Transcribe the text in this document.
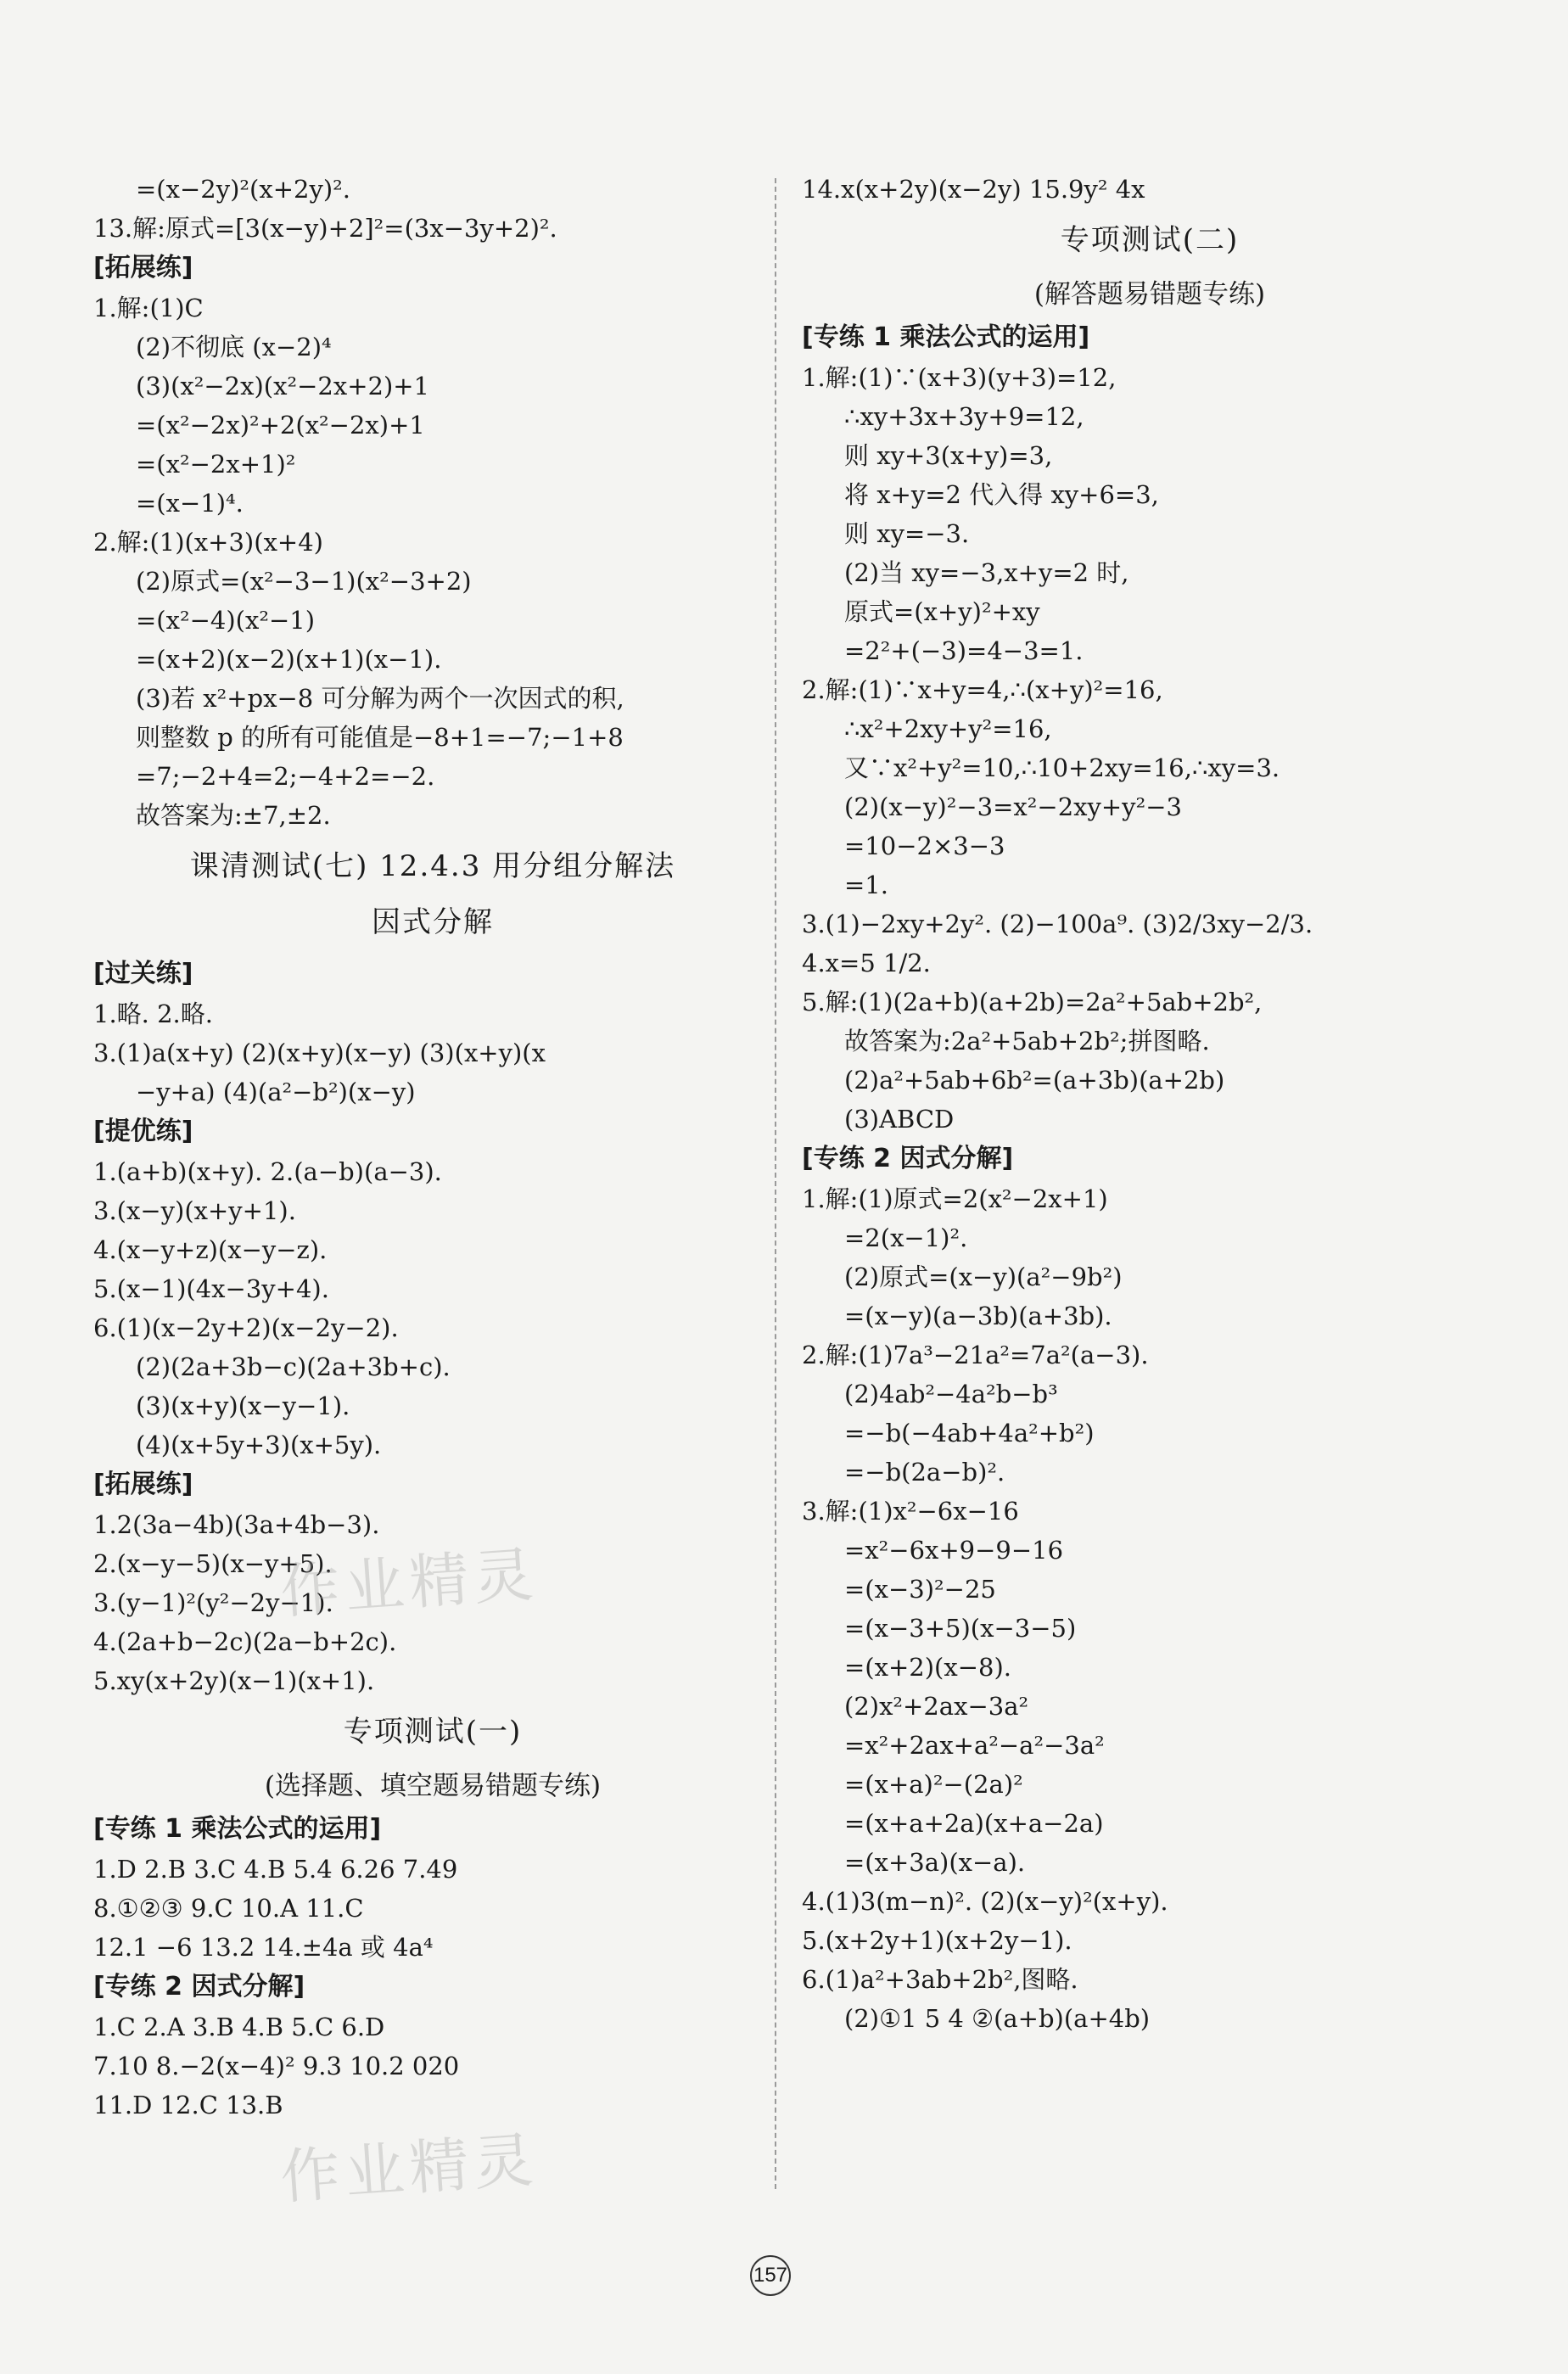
=(x−2y)²(x+2y)².
13.解:原式=[3(x−y)+2]²=(3x−3y+2)².
[拓展练]
1.解:(1)C
(2)不彻底 (x−2)⁴
(3)(x²−2x)(x²−2x+2)+1
=(x²−2x)²+2(x²−2x)+1
=(x²−2x+1)²
=(x−1)⁴.
2.解:(1)(x+3)(x+4)
(2)原式=(x²−3−1)(x²−3+2)
=(x²−4)(x²−1)
=(x+2)(x−2)(x+1)(x−1).
(3)若 x²+px−8 可分解为两个一次因式的积,
则整数 p 的所有可能值是−8+1=−7;−1+8
=7;−2+4=2;−4+2=−2.
故答案为:±7,±2.
课清测试(七) 12.4.3 用分组分解法
因式分解
[过关练]
1.略. 2.略.
3.(1)a(x+y) (2)(x+y)(x−y) (3)(x+y)(x
−y+a) (4)(a²−b²)(x−y)
[提优练]
1.(a+b)(x+y). 2.(a−b)(a−3).
3.(x−y)(x+y+1).
4.(x−y+z)(x−y−z).
5.(x−1)(4x−3y+4).
6.(1)(x−2y+2)(x−2y−2).
(2)(2a+3b−c)(2a+3b+c).
(3)(x+y)(x−y−1).
(4)(x+5y+3)(x+5y).
[拓展练]
1.2(3a−4b)(3a+4b−3).
2.(x−y−5)(x−y+5).
3.(y−1)²(y²−2y−1).
4.(2a+b−2c)(2a−b+2c).
5.xy(x+2y)(x−1)(x+1).
专项测试(一)
(选择题、填空题易错题专练)
[专练 1 乘法公式的运用]
1.D 2.B 3.C 4.B 5.4 6.26 7.49
8.①②③ 9.C 10.A 11.C
12.1 −6 13.2 14.±4a 或 4a⁴
[专练 2 因式分解]
1.C 2.A 3.B 4.B 5.C 6.D
7.10 8.−2(x−4)² 9.3 10.2 020
11.D 12.C 13.B
14.x(x+2y)(x−2y) 15.9y² 4x
专项测试(二)
(解答题易错题专练)
[专练 1 乘法公式的运用]
1.解:(1)∵(x+3)(y+3)=12,
∴xy+3x+3y+9=12,
则 xy+3(x+y)=3,
将 x+y=2 代入得 xy+6=3,
则 xy=−3.
(2)当 xy=−3,x+y=2 时,
原式=(x+y)²+xy
=2²+(−3)=4−3=1.
2.解:(1)∵x+y=4,∴(x+y)²=16,
∴x²+2xy+y²=16,
又∵x²+y²=10,∴10+2xy=16,∴xy=3.
(2)(x−y)²−3=x²−2xy+y²−3
=10−2×3−3
=1.
3.(1)−2xy+2y². (2)−100a⁹. (3)2/3xy−2/3.
4.x=5 1/2.
5.解:(1)(2a+b)(a+2b)=2a²+5ab+2b²,
故答案为:2a²+5ab+2b²;拼图略.
(2)a²+5ab+6b²=(a+3b)(a+2b)
(3)ABCD
[专练 2 因式分解]
1.解:(1)原式=2(x²−2x+1)
=2(x−1)².
(2)原式=(x−y)(a²−9b²)
=(x−y)(a−3b)(a+3b).
2.解:(1)7a³−21a²=7a²(a−3).
(2)4ab²−4a²b−b³
=−b(−4ab+4a²+b²)
=−b(2a−b)².
3.解:(1)x²−6x−16
=x²−6x+9−9−16
=(x−3)²−25
=(x−3+5)(x−3−5)
=(x+2)(x−8).
(2)x²+2ax−3a²
=x²+2ax+a²−a²−3a²
=(x+a)²−(2a)²
=(x+a+2a)(x+a−2a)
=(x+3a)(x−a).
4.(1)3(m−n)². (2)(x−y)²(x+y).
5.(x+2y+1)(x+2y−1).
6.(1)a²+3ab+2b²,图略.
(2)①1 5 4 ②(a+b)(a+4b)
作业精灵
作业精灵
157
